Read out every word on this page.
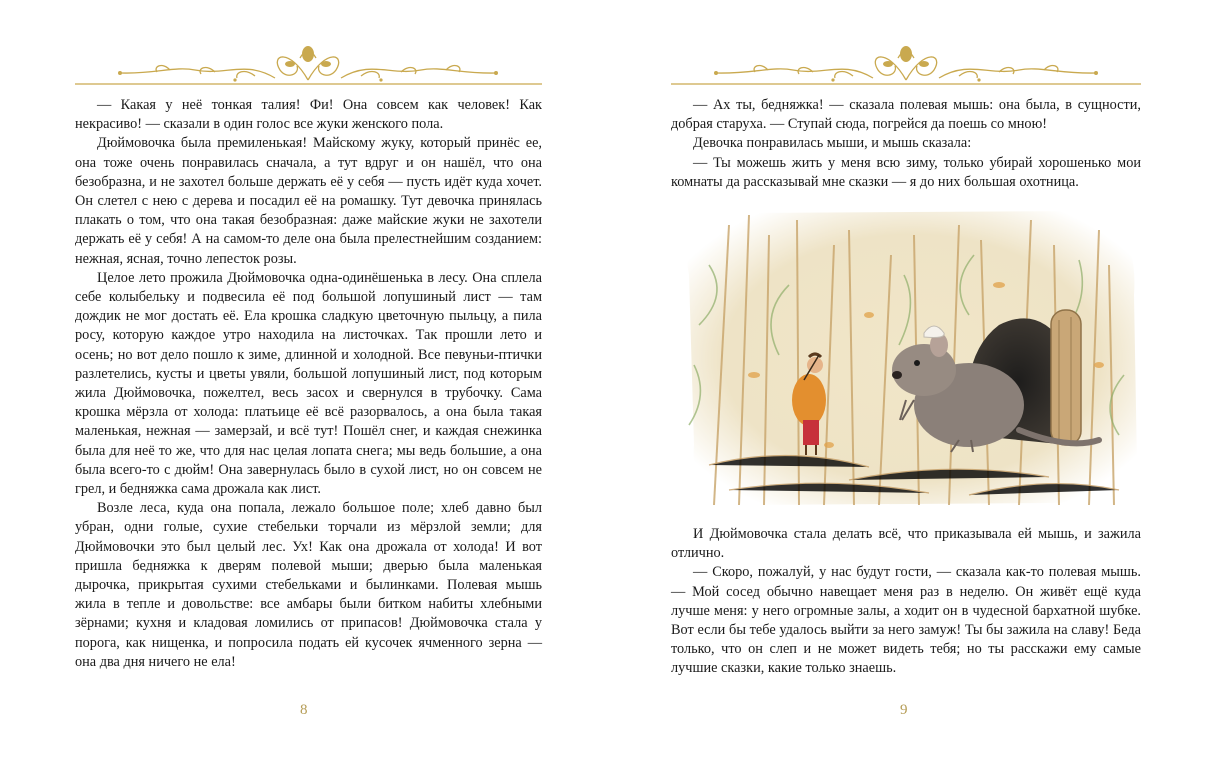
— Какая у неё тонкая талия! Фи! Она совсем как человек! Как некрасиво! — сказали в один голос все жуки женского пола.

Дюймовочка была премиленькая! Майскому жуку, который принёс ее, она тоже очень понравилась сначала, а тут вдруг и он нашёл, что она безобразна, и не захотел больше держать её у себя — пусть идёт куда хочет. Он слетел с нею с дерева и посадил её на ромашку. Тут девочка принялась плакать о том, что она такая безобразная: даже майские жуки не захотели держать её у себя! А на самом-то деле она была прелестнейшим созданием: нежная, ясная, точно лепесток розы.

Целое лето прожила Дюймовочка одна-одинёшенька в лесу. Она сплела себе колыбельку и подвесила её под большой лопушиный лист — там дождик не мог достать её. Ела крошка сладкую цветочную пыльцу, а пила росу, которую каждое утро находила на листочках. Так прошли лето и осень; но вот дело пошло к зиме, длинной и холодной. Все певуньи-птички разлетелись, кусты и цветы увяли, большой лопушиный лист, под которым жила Дюймовочка, пожелтел, весь засох и свернулся в трубочку. Сама крошка мёрзла от холода: платьице её всё разорвалось, а она была такая маленькая, нежная — замерзай, и всё тут! Пошёл снег, и каждая снежинка была для неё то же, что для нас целая лопата снега; мы ведь большие, а она была всего-то с дюйм! Она завернулась было в сухой лист, но он совсем не грел, и бедняжка сама дрожала как лист.

Возле леса, куда она попала, лежало большое поле; хлеб давно был убран, одни голые, сухие стебельки торчали из мёрзлой земли; для Дюймовочки это был целый лес. Ух! Как она дрожала от холода! И вот пришла бедняжка к дверям полевой мыши; дверью была маленькая дырочка, прикрытая сухими стебельками и былинками. Полевая мышь жила в тепле и довольстве: все амбары были битком набиты хлебными зёрнами; кухня и кладовая ломились от припасов! Дюймовочка стала у порога, как нищенка, и попросила подать ей кусочек ячменного зерна — она два дня ничего не ела!

8

— Ах ты, бедняжка! — сказала полевая мышь: она была, в сущности, добрая старуха. — Ступай сюда, погрейся да поешь со мною!

Девочка понравилась мыши, и мышь сказала:

— Ты можешь жить у меня всю зиму, только убирай хорошенько мои комнаты да рассказывай мне сказки — я до них большая охотница.

И Дюймовочка стала делать всё, что приказывала ей мышь, и зажила отлично.

— Скоро, пожалуй, у нас будут гости, — сказала как-то полевая мышь. — Мой сосед обычно навещает меня раз в неделю. Он живёт ещё куда лучше меня: у него огромные залы, а ходит он в чудесной бархатной шубке. Вот если бы тебе удалось выйти за него замуж! Ты бы зажила на славу! Беда только, что он слеп и не может видеть тебя; но ты расскажи ему самые лучшие сказки, какие только знаешь.

9
